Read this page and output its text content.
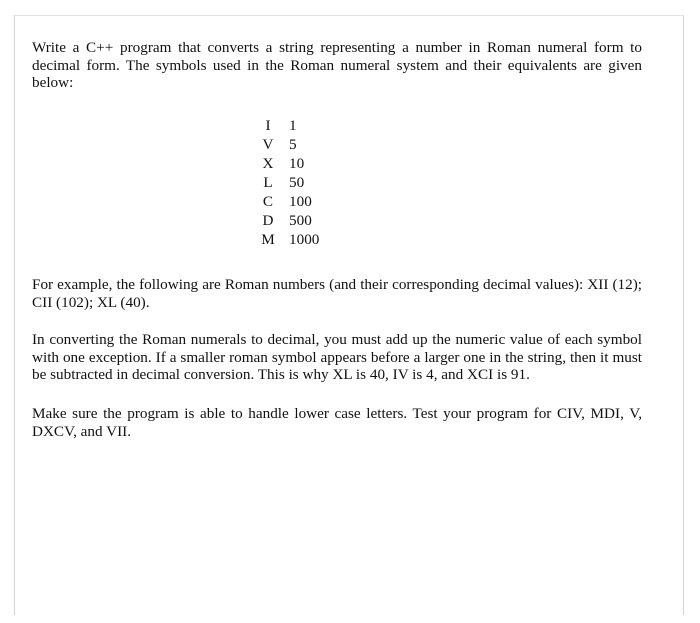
Write a C++ program that converts a string representing a number in Roman numeral form to decimal form. The symbols used in the Roman numeral system and their equivalents are given below:

I	1
V	5
X	10
L	50
C	100
D	500
M	1000

For example, the following are Roman numbers (and their corresponding decimal values): XII (12); CII (102); XL (40).

In converting the Roman numerals to decimal, you must add up the numeric value of each symbol with one exception. If a smaller roman symbol appears before a larger one in the string, then it must be subtracted in decimal conversion. This is why XL is 40, IV is 4, and XCI is 91.

Make sure the program is able to handle lower case letters. Test your program for CIV, MDI, V, DXCV, and VII.
